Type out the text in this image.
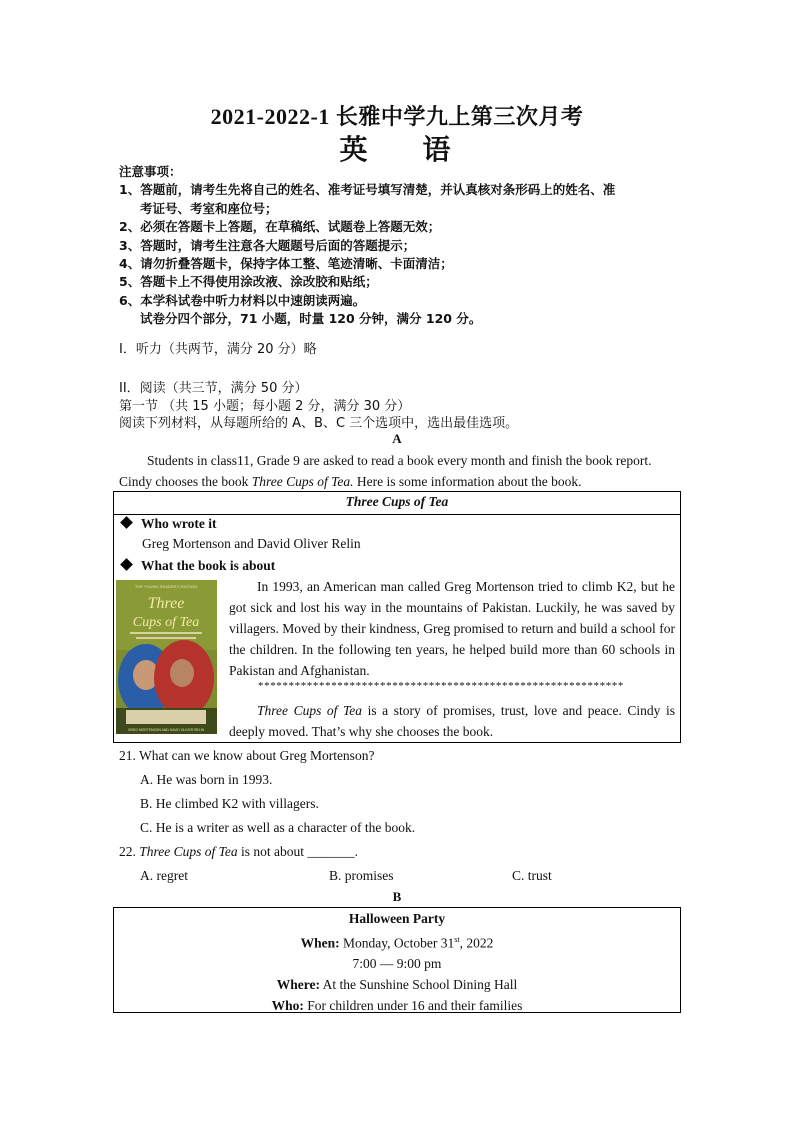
2021-2022-1 长雅中学九上第三次月考
英 语
注意事项：
1、答题前，请考生先将自己的姓名、准考证号填写清楚，并认真核对条形码上的姓名、准
考证号、考室和座位号；
2、必须在答题卡上答题，在草稿纸、试题卷上答题无效；
3、答题时，请考生注意各大题题号后面的答题提示；
4、请勿折叠答题卡，保持字体工整、笔迹清晰、卡面清洁；
5、答题卡上不得使用涂改液、涂改胶和贴纸；
6、本学科试卷中听力材料以中速朗读两遍。
试卷分四个部分，71 小题，时量 120 分钟，满分 120 分。
I．听力（共两节，满分 20 分）略
II．阅读（共三节，满分 50 分）
第一节 （共 15 小题；每小题 2 分，满分 30 分）
阅读下列材料，从每题所给的 A、B、C 三个选项中，选出最佳选项。
A
Students in class11, Grade 9 are asked to read a book every month and finish the book report.
Cindy chooses the book Three Cups of Tea. Here is some information about the book.
Three Cups of Tea
Who wrote it
Greg Mortenson and David Oliver Relin
What the book is about
THE YOUNG READER'S EDITION
Three
Cups of Tea
GREG MORTENSON AND DAVID OLIVER RELIN
In 1993, an American man called Greg Mortenson tried to climb K2, but he got sick and lost his way in the mountains of Pakistan. Luckily, he was saved by villagers. Moved by their kindness, Greg promised to return and build a school for the children. In the following ten years, he helped build more than 60 schools in Pakistan and Afghanistan.
************************************************************
Three Cups of Tea is a story of promises, trust, love and peace. Cindy is deeply moved. That’s why she chooses the book.
21. What can we know about Greg Mortenson?
A. He was born in 1993.
B. He climbed K2 with villagers.
C. He is a writer as well as a character of the book.
22. Three Cups of Tea is not about _______.
A. regret	B. promises	C. trust
B
Halloween Party
When: Monday, October 31st, 2022
7:00 — 9:00 pm
Where: At the Sunshine School Dining Hall
Who: For children under 16 and their families
